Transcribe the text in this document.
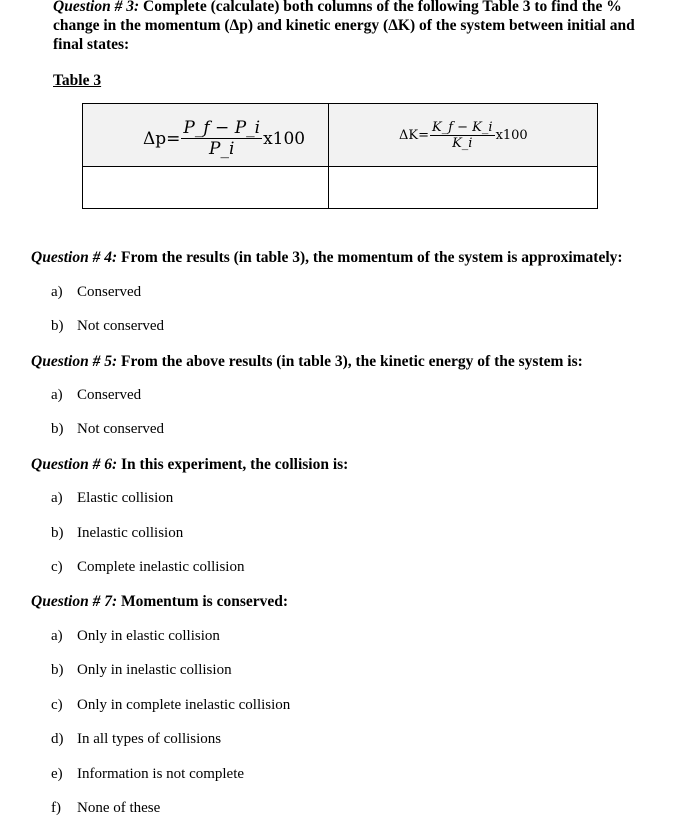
Question # 3: Complete (calculate) both columns of the following Table 3 to find the %
change in the momentum (Δp) and kinetic energy (ΔK) of the system between initial and
final states:
Table 3
$\Delta p= \frac{P\_f - P\_i}{P\_i} x100$	$\Delta K= \frac{K\_f - K\_i}{K\_i} x100$

Question # 4: From the results (in table 3), the momentum of the system is approximately:
a) Conserved
b) Not conserved
Question # 5: From the above results (in table 3), the kinetic energy of the system is:
a) Conserved
b) Not conserved
Question # 6: In this experiment, the collision is:
a) Elastic collision
b) Inelastic collision
c) Complete inelastic collision
Question # 7: Momentum is conserved:
a) Only in elastic collision
b) Only in inelastic collision
c) Only in complete inelastic collision
d) In all types of collisions
e) Information is not complete
f) None of these
